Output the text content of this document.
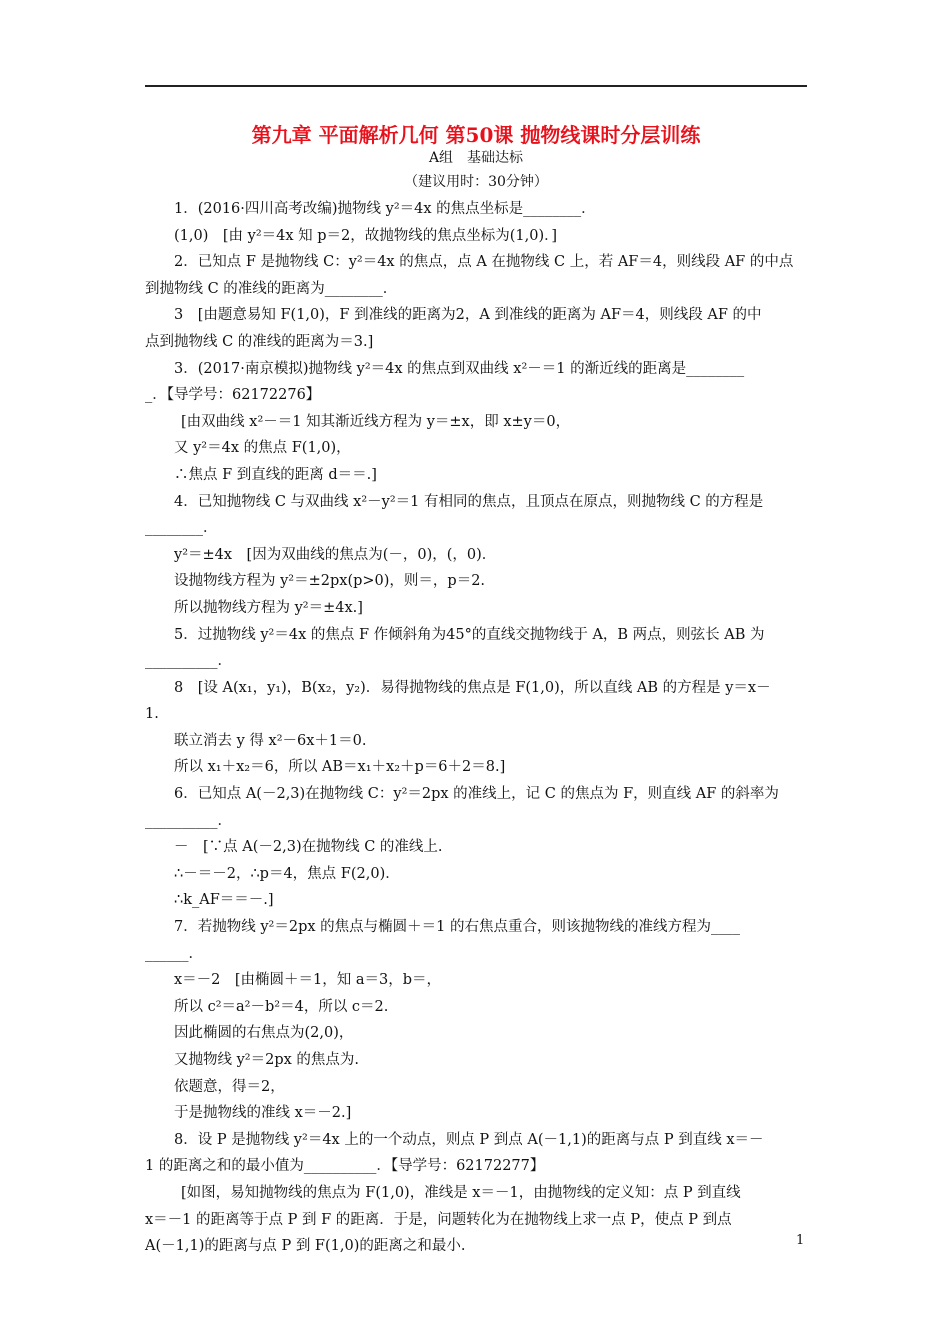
第九章 平面解析几何 第50课 抛物线课时分层训练
A组　基础达标
（建议用时：30分钟）

1．(2016·四川高考改编)抛物线 y²＝4x 的焦点坐标是________．

(1,0)　[由 y²＝4x 知 p＝2，故抛物线的焦点坐标为(1,0)．]

2．已知点 F 是抛物线 C：y²＝4x 的焦点，点 A 在抛物线 C 上，若 AF＝4，则线段 AF 的中点

到抛物线 C 的准线的距离为________．

3　[由题意易知 F(1,0)，F 到准线的距离为2，A 到准线的距离为 AF＝4，则线段 AF 的中

点到抛物线 C 的准线的距离为＝3.]

3．(2017·南京模拟)抛物线 y²＝4x 的焦点到双曲线 x²－＝1 的渐近线的距离是________

_．【导学号：62172276】

[由双曲线 x²－＝1 知其渐近线方程为 y＝±x，即 x±y＝0，

又 y²＝4x 的焦点 F(1,0)，

∴焦点 F 到直线的距离 d＝＝.]

4．已知抛物线 C 与双曲线 x²－y²＝1 有相同的焦点，且顶点在原点，则抛物线 C 的方程是

________．

y²＝±4x　[因为双曲线的焦点为(－，0)，(，0)．

设抛物线方程为 y²＝±2px(p>0)，则＝，p＝2.

所以抛物线方程为 y²＝±4x.]

5．过抛物线 y²＝4x 的焦点 F 作倾斜角为45°的直线交抛物线于 A，B 两点，则弦长 AB 为

__________．

8　[设 A(x₁，y₁)，B(x₂，y₂)．易得抛物线的焦点是 F(1,0)，所以直线 AB 的方程是 y＝x－

1.

联立消去 y 得 x²－6x＋1＝0.

所以 x₁＋x₂＝6，所以 AB＝x₁＋x₂＋p＝6＋2＝8.]

6．已知点 A(－2,3)在抛物线 C：y²＝2px 的准线上，记 C 的焦点为 F，则直线 AF 的斜率为

__________．

－　[∵点 A(－2,3)在抛物线 C 的准线上.

∴－＝－2，∴p＝4，焦点 F(2,0)．

∴k_AF＝＝－.]

7．若抛物线 y²＝2px 的焦点与椭圆＋＝1 的右焦点重合，则该抛物线的准线方程为____

______．

x＝－2　[由椭圆＋＝1，知 a＝3，b＝，

所以 c²＝a²－b²＝4，所以 c＝2.

因此椭圆的右焦点为(2,0)，

又抛物线 y²＝2px 的焦点为.

依题意，得＝2，

于是抛物线的准线 x＝－2.]

8．设 P 是抛物线 y²＝4x 上的一个动点，则点 P 到点 A(－1,1)的距离与点 P 到直线 x＝－

1 的距离之和的最小值为__________．【导学号：62172277】

[如图，易知抛物线的焦点为 F(1,0)，准线是 x＝－1，由抛物线的定义知：点 P 到直线

x＝－1 的距离等于点 P 到 F 的距离．于是，问题转化为在抛物线上求一点 P，使点 P 到点

A(－1,1)的距离与点 P 到 F(1,0)的距离之和最小.	1
